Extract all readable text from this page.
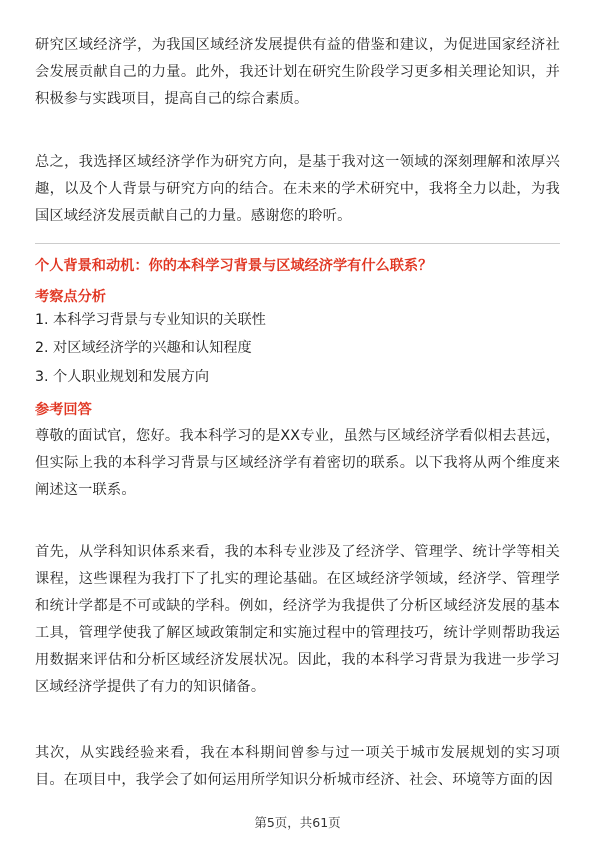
研究区域经济学，为我国区域经济发展提供有益的借鉴和建议，为促进国家经济社会发展贡献自己的力量。此外，我还计划在研究生阶段学习更多相关理论知识，并积极参与实践项目，提高自己的综合素质。

总之，我选择区域经济学作为研究方向，是基于我对这一领域的深刻理解和浓厚兴趣，以及个人背景与研究方向的结合。在未来的学术研究中，我将全力以赴，为我国区域经济发展贡献自己的力量。感谢您的聆听。

个人背景和动机：你的本科学习背景与区域经济学有什么联系？

考察点分析

1. 本科学习背景与专业知识的关联性

2. 对区域经济学的兴趣和认知程度

3. 个人职业规划和发展方向

参考回答

尊敬的面试官，您好。我本科学习的是XX专业，虽然与区域经济学看似相去甚远，但实际上我的本科学习背景与区域经济学有着密切的联系。以下我将从两个维度来阐述这一联系。

首先，从学科知识体系来看，我的本科专业涉及了经济学、管理学、统计学等相关课程，这些课程为我打下了扎实的理论基础。在区域经济学领域，经济学、管理学和统计学都是不可或缺的学科。例如，经济学为我提供了分析区域经济发展的基本工具，管理学使我了解区域政策制定和实施过程中的管理技巧，统计学则帮助我运用数据来评估和分析区域经济发展状况。因此，我的本科学习背景为我进一步学习区域经济学提供了有力的知识储备。

其次，从实践经验来看，我在本科期间曾参与过一项关于城市发展规划的实习项目。在项目中，我学会了如何运用所学知识分析城市经济、社会、环境等方面的因

第5页，共61页
